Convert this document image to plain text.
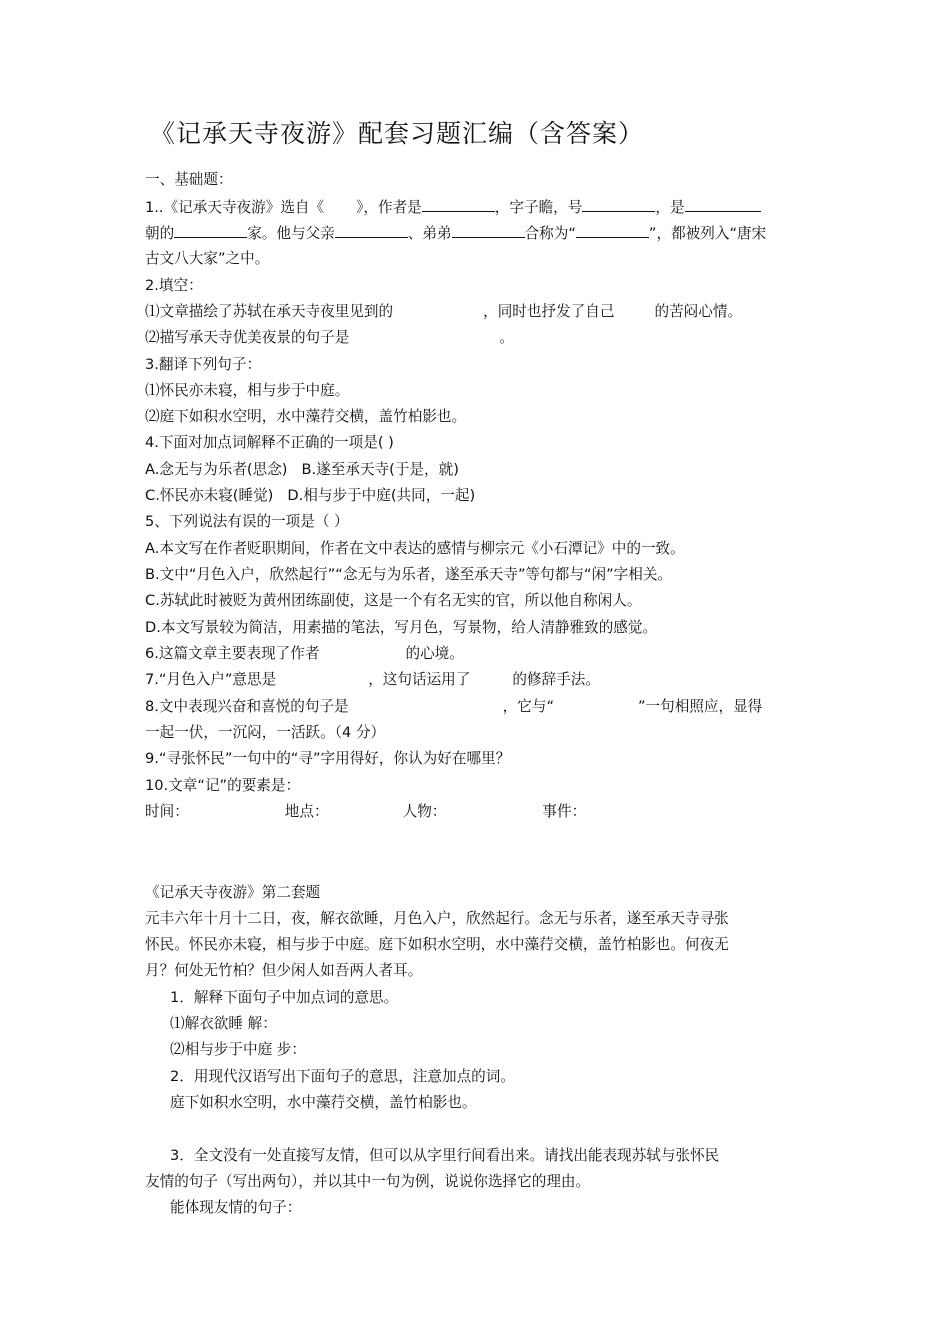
《记承天寺夜游》配套习题汇编（含答案）
一、基础题：
1..《记承天寺夜游》选自《 》，作者是	，字子瞻，号	，是
朝的	家。他与父亲	、弟弟	合称为“	”，都被列入“唐宋
古文八大家”之中。
2.填空：
⑴文章描绘了苏轼在承天寺夜里见到的	，同时也抒发了自己	的苦闷心情。
⑵描写承天寺优美夜景的句子是	。
3.翻译下列句子：
⑴怀民亦未寝，相与步于中庭。
⑵庭下如积水空明，水中藻荇交横，盖竹柏影也。
4.下面对加点词解释不正确的一项是( )
A.念无与为乐者(思念) B.遂至承天寺(于是，就)
C.怀民亦未寝(睡觉) D.相与步于中庭(共同，一起)
5、下列说法有误的一项是（ ）
A.本文写在作者贬职期间，作者在文中表达的感情与柳宗元《小石潭记》中的一致。
B.文中“月色入户，欣然起行”“念无与为乐者，遂至承天寺”等句都与“闲”字相关。
C.苏轼此时被贬为黄州团练副使，这是一个有名无实的官，所以他自称闲人。
D.本文写景较为简洁，用素描的笔法，写月色，写景物，给人清静雅致的感觉。
6.这篇文章主要表现了作者	的心境。
7.“月色入户”意思是	，这句话运用了	的修辞手法。
8.文中表现兴奋和喜悦的句子是	，它与“	”一句相照应，显得
一起一伏，一沉闷，一活跃。（4 分）
9.“寻张怀民”一句中的“寻”字用得好，你认为好在哪里？
10.文章“记”的要素是：
时间：	地点：	人物：	事件：
《记承天寺夜游》第二套题
元丰六年十月十二日，夜，解衣欲睡，月色入户，欣然起行。念无与乐者，遂至承天寺寻张
怀民。怀民亦未寝，相与步于中庭。庭下如积水空明，水中藻荇交横，盖竹柏影也。何夜无
月？何处无竹柏？但少闲人如吾两人者耳。
1．解释下面句子中加点词的意思。
⑴解衣欲睡 解：
⑵相与步于中庭 步：
2．用现代汉语写出下面句子的意思，注意加点的词。
庭下如积水空明，水中藻荇交横，盖竹柏影也。
3．全文没有一处直接写友情，但可以从字里行间看出来。请找出能表现苏轼与张怀民
友情的句子（写出两句），并以其中一句为例，说说你选择它的理由。
能体现友情的句子：
